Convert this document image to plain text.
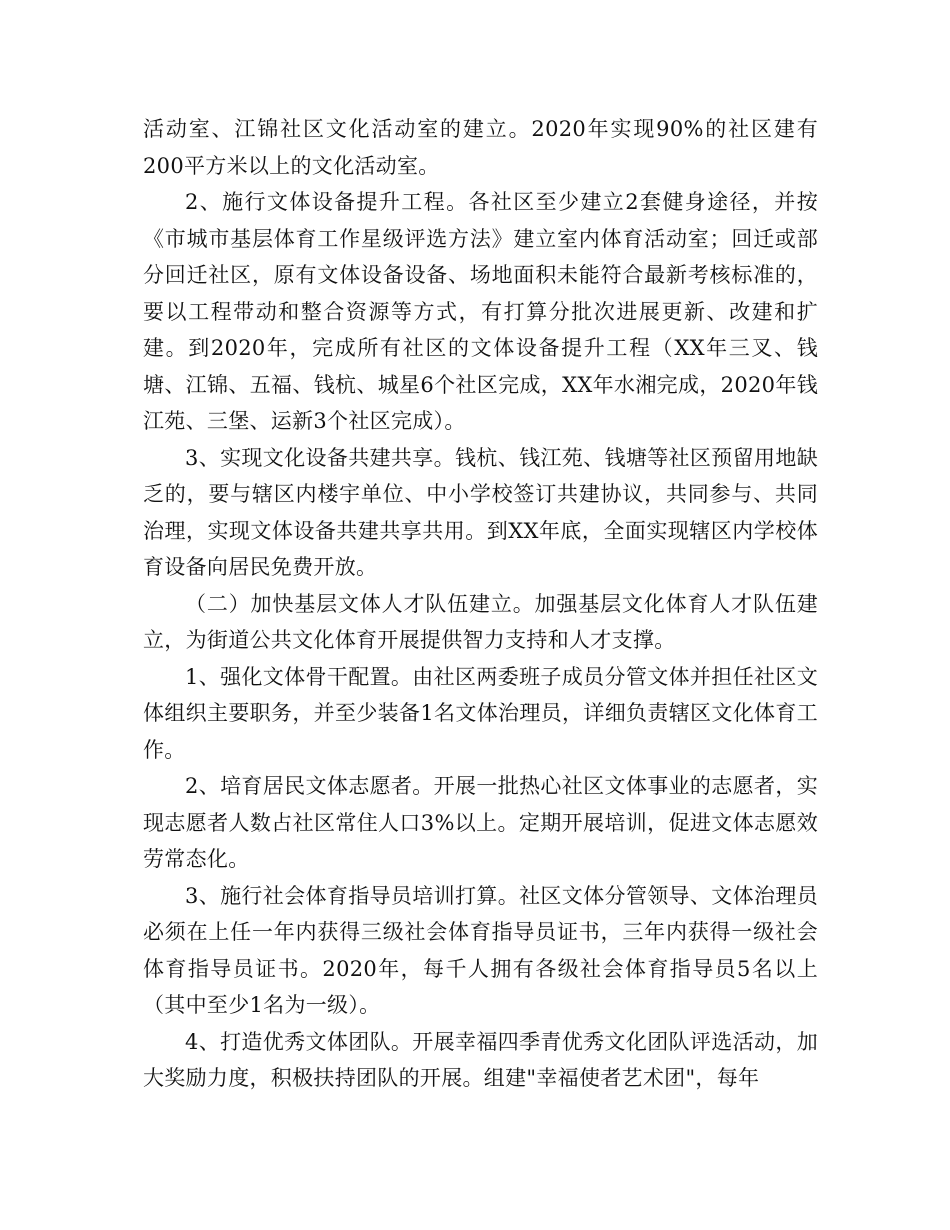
活动室、江锦社区文化活动室的建立。2020年实现90%的社区建有200平方米以上的文化活动室。

2、施行文体设备提升工程。各社区至少建立2套健身途径，并按《市城市基层体育工作星级评选方法》建立室内体育活动室；回迁或部分回迁社区，原有文体设备设备、场地面积未能符合最新考核标准的，要以工程带动和整合资源等方式，有打算分批次进展更新、改建和扩建。到2020年，完成所有社区的文体设备提升工程（XX年三叉、钱塘、江锦、五福、钱杭、城星6个社区完成，XX年水湘完成，2020年钱江苑、三堡、运新3个社区完成）。

3、实现文化设备共建共享。钱杭、钱江苑、钱塘等社区预留用地缺乏的，要与辖区内楼宇单位、中小学校签订共建协议，共同参与、共同治理，实现文体设备共建共享共用。到XX年底，全面实现辖区内学校体育设备向居民免费开放。

（二）加快基层文体人才队伍建立。加强基层文化体育人才队伍建立，为街道公共文化体育开展提供智力支持和人才支撑。

1、强化文体骨干配置。由社区两委班子成员分管文体并担任社区文体组织主要职务，并至少装备1名文体治理员，详细负责辖区文化体育工作。

2、培育居民文体志愿者。开展一批热心社区文体事业的志愿者，实现志愿者人数占社区常住人口3%以上。定期开展培训，促进文体志愿效劳常态化。

3、施行社会体育指导员培训打算。社区文体分管领导、文体治理员必须在上任一年内获得三级社会体育指导员证书，三年内获得一级社会体育指导员证书。2020年，每千人拥有各级社会体育指导员5名以上（其中至少1名为一级）。

4、打造优秀文体团队。开展幸福四季青优秀文化团队评选活动，加大奖励力度，积极扶持团队的开展。组建"幸福使者艺术团"，每年
